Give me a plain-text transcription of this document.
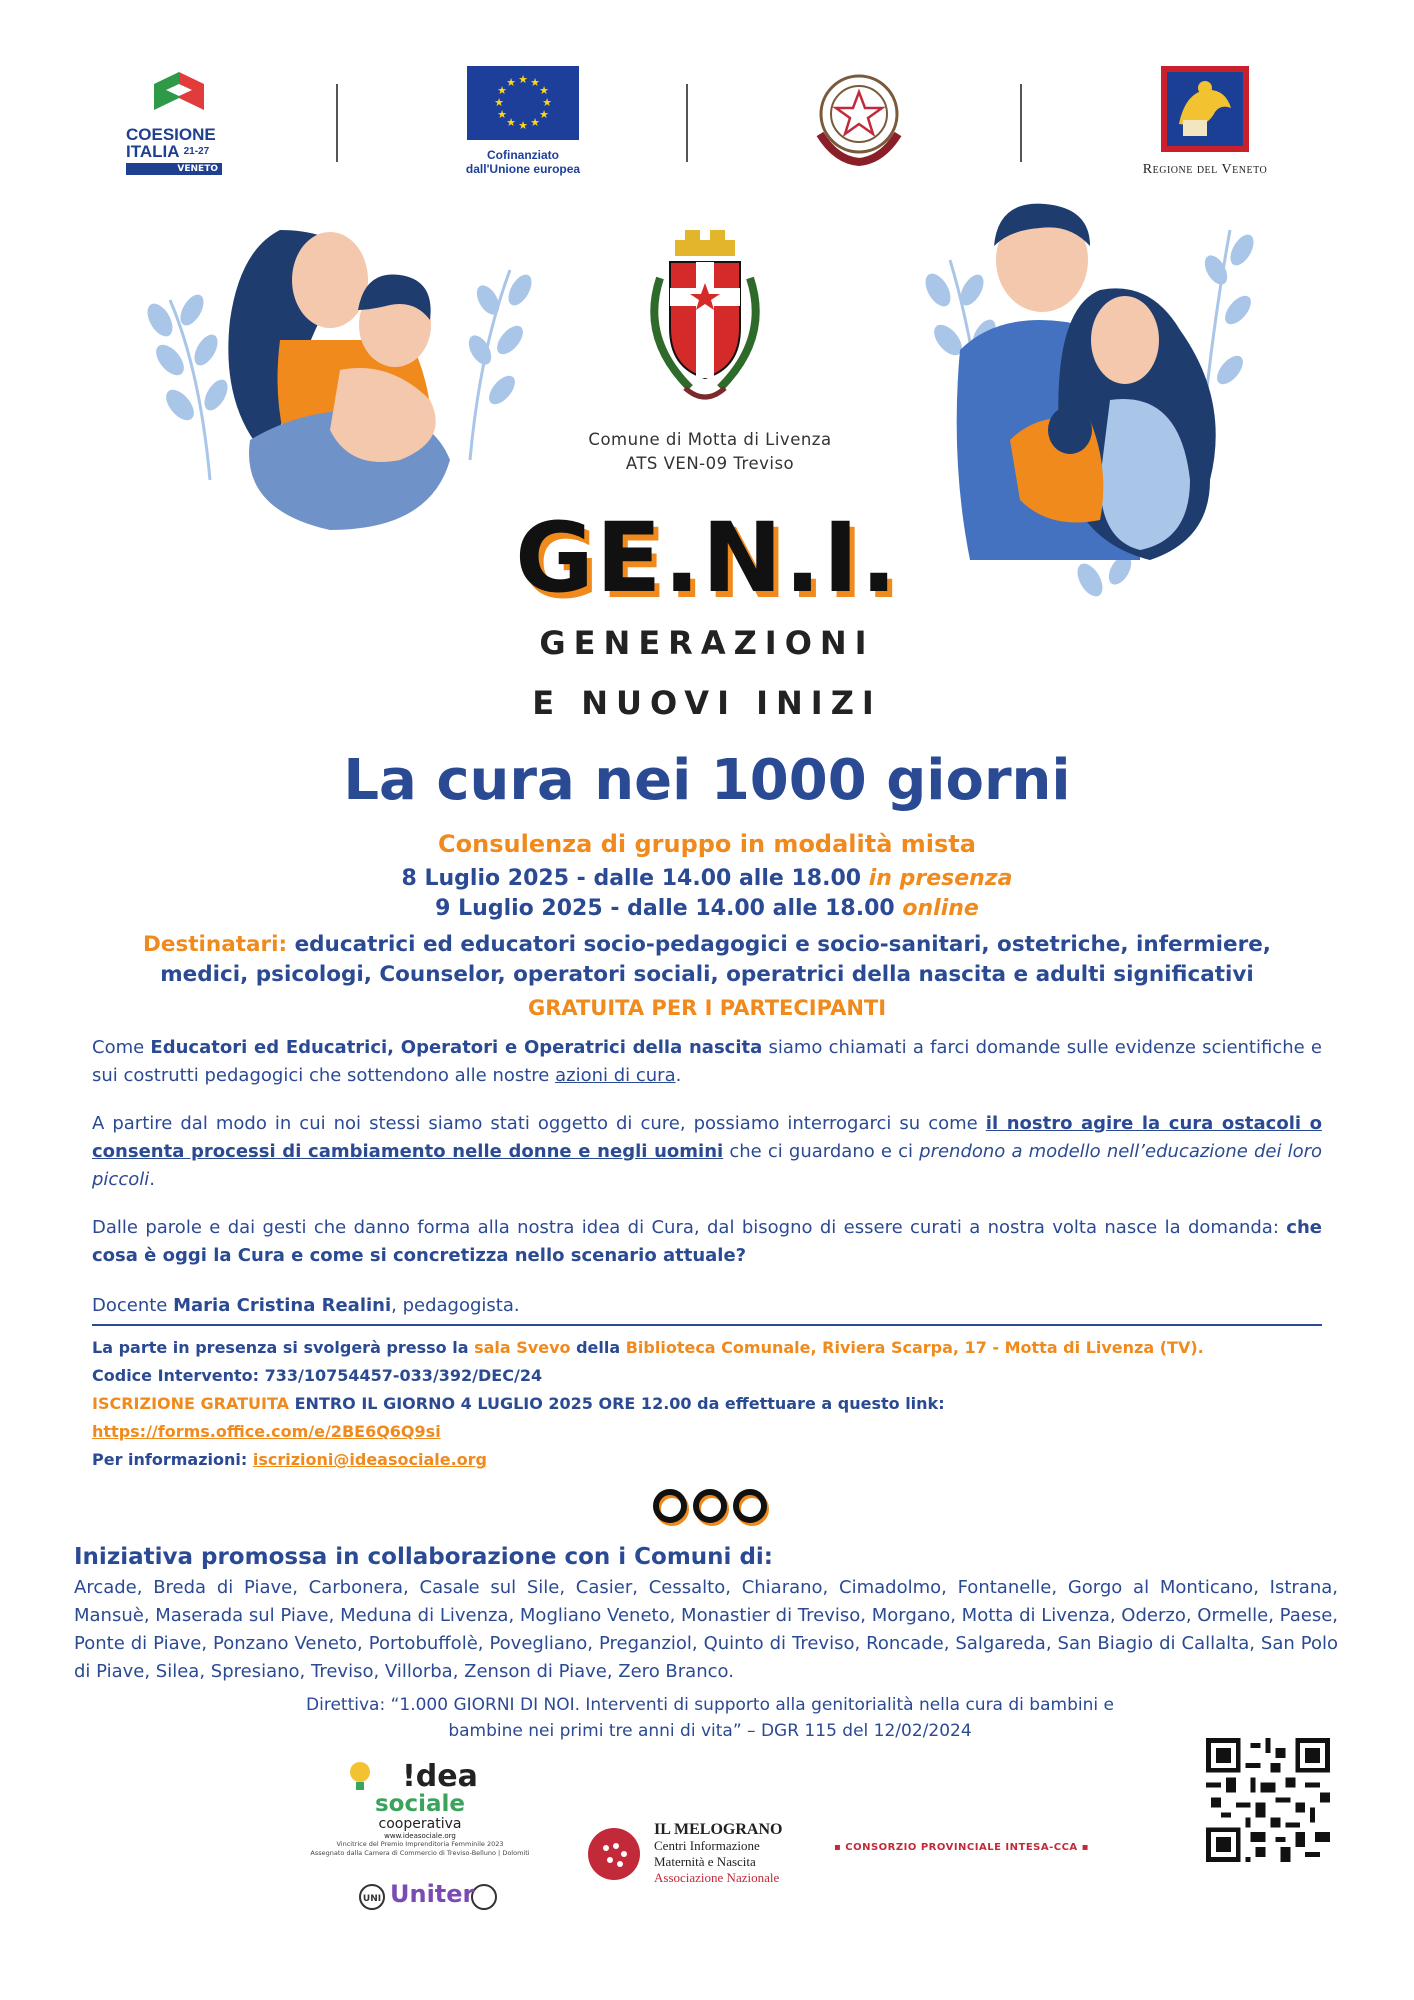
COESIONE
ITALIA $^{21-27}$
VENETO
★ ★
★
★
★
★
★
★
★
★
★
★
Cofinanziato
dall'Unione europea	Regione del Veneto
Comune di Motta di Livenza
ATS VEN-09 Treviso
GE.N.I.
GENERAZIONI
E NUOVI INIZI
La cura nei 1000 giorni
Consulenza di gruppo in modalità mista
8 Luglio 2025 - dalle 14.00 alle 18.00 in presenza
9 Luglio 2025 - dalle 14.00 alle 18.00 online
Destinatari: educatrici ed educatori socio-pedagogici e socio-sanitari, ostetriche, infermiere, medici, psicologi, Counselor, operatori sociali, operatrici della nascita e adulti significativi
GRATUITA PER I PARTECIPANTI
Come Educatori ed Educatrici, Operatori e Operatrici della nascita siamo chiamati a farci domande sulle evidenze scientifiche e sui costrutti pedagogici che sottendono alle nostre azioni di cura.
A partire dal modo in cui noi stessi siamo stati oggetto di cure, possiamo interrogarci su come il nostro agire la cura ostacoli o consenta processi di cambiamento nelle donne e negli uomini che ci guardano e ci prendono a modello nell’educazione dei loro piccoli.
Dalle parole e dai gesti che danno forma alla nostra idea di Cura, dal bisogno di essere curati a nostra volta nasce la domanda: che cosa è oggi la Cura e come si concretizza nello scenario attuale?
Docente Maria Cristina Realini, pedagogista.
La parte in presenza si svolgerà presso la sala Svevo della Biblioteca Comunale, Riviera Scarpa, 17 - Motta di Livenza (TV).
Codice Intervento: 733/10754457-033/392/DEC/24
ISCRIZIONE GRATUITA ENTRO IL GIORNO 4 LUGLIO 2025 ORE 12.00 da effettuare a questo link:
https://forms.office.com/e/2BE6Q6Q9si
Per informazioni: iscrizioni@ideasociale.org
Iniziativa promossa in collaborazione con i Comuni di:
Arcade, Breda di Piave, Carbonera, Casale sul Sile, Casier, Cessalto, Chiarano, Cimadolmo, Fontanelle, Gorgo al Monticano, Istrana, Mansuè, Maserada sul Piave, Meduna di Livenza, Mogliano Veneto, Monastier di Treviso, Morgano, Motta di Livenza, Oderzo, Ormelle, Paese, Ponte di Piave, Ponzano Veneto, Portobuffolè, Povegliano, Preganziol, Quinto di Treviso, Roncade, Salgareda, San Biagio di Callalta, San Polo di Piave, Silea, Spresiano, Treviso, Villorba, Zenson di Piave, Zero Branco.
Direttiva: “1.000 GIORNI DI NOI. Interventi di supporto alla genitorialità nella cura di bambini e
bambine nei primi tre anni di vita” – DGR 115 del 12/02/2024
!dea
sociale
cooperativa
www.ideasociale.org
Vincitrice del Premio Imprenditoria Femminile 2023
Assegnato dalla Camera di Commercio di Treviso-Belluno | Dolomiti
UNI Uniter
IL MELOGRANO
Centri Informazione
Maternità e Nascita
Associazione Nazionale
▪ CONSORZIO PROVINCIALE INTESA-CCA ▪
